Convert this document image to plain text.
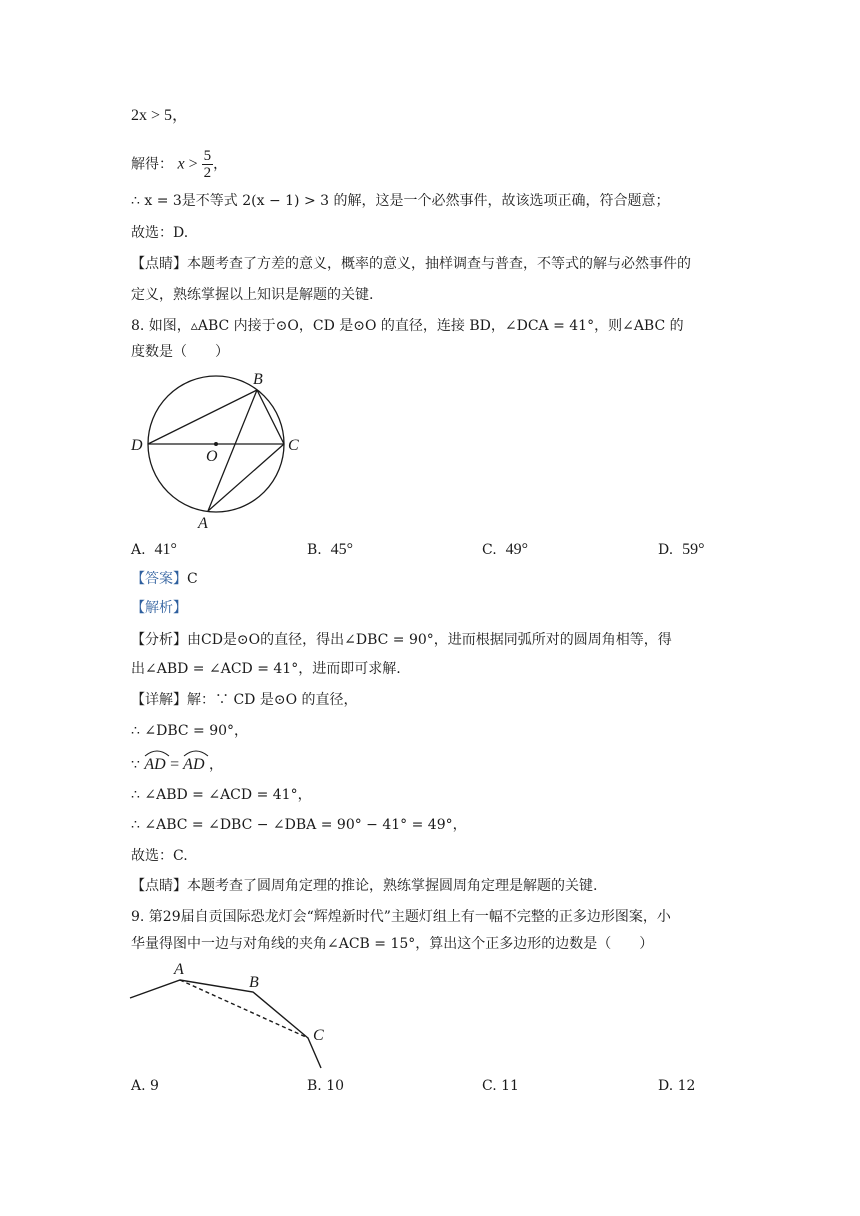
2x > 5，
解得： $x > \frac{5}{2}$ ，
∴ x = 3是不等式 2(x − 1) > 3 的解，这是一个必然事件，故该选项正确，符合题意；
故选：D.
【点睛】本题考查了方差的意义，概率的意义，抽样调查与普查，不等式的解与必然事件的
定义，熟练掌握以上知识是解题的关键.
8. 如图，▵ABC 内接于⊙O，CD 是⊙O 的直径，连接 BD，∠DCA = 41°，则∠ABC 的
度数是（　　）
B
D
O
C
A
A. 41°	B. 45°	C. 49°	D. 59°
【答案】C
【解析】
【分析】由CD是⊙O的直径，得出∠DBC = 90°，进而根据同弧所对的圆周角相等，得
出∠ABD = ∠ACD = 41°，进而即可求解.
【详解】解：∵ CD 是⊙O 的直径，
∴ ∠DBC = 90°，
∵
AD =
AD ，
∴ ∠ABD = ∠ACD = 41°，
∴ ∠ABC = ∠DBC − ∠DBA = 90° − 41° = 49°，
故选：C.
【点睛】本题考查了圆周角定理的推论，熟练掌握圆周角定理是解题的关键.
9. 第29届自贡国际恐龙灯会“辉煌新时代”主题灯组上有一幅不完整的正多边形图案，小
华量得图中一边与对角线的夹角∠ACB = 15°，算出这个正多边形的边数是（　　）
A
B
C
A. 9	B. 10	C. 11	D. 12
